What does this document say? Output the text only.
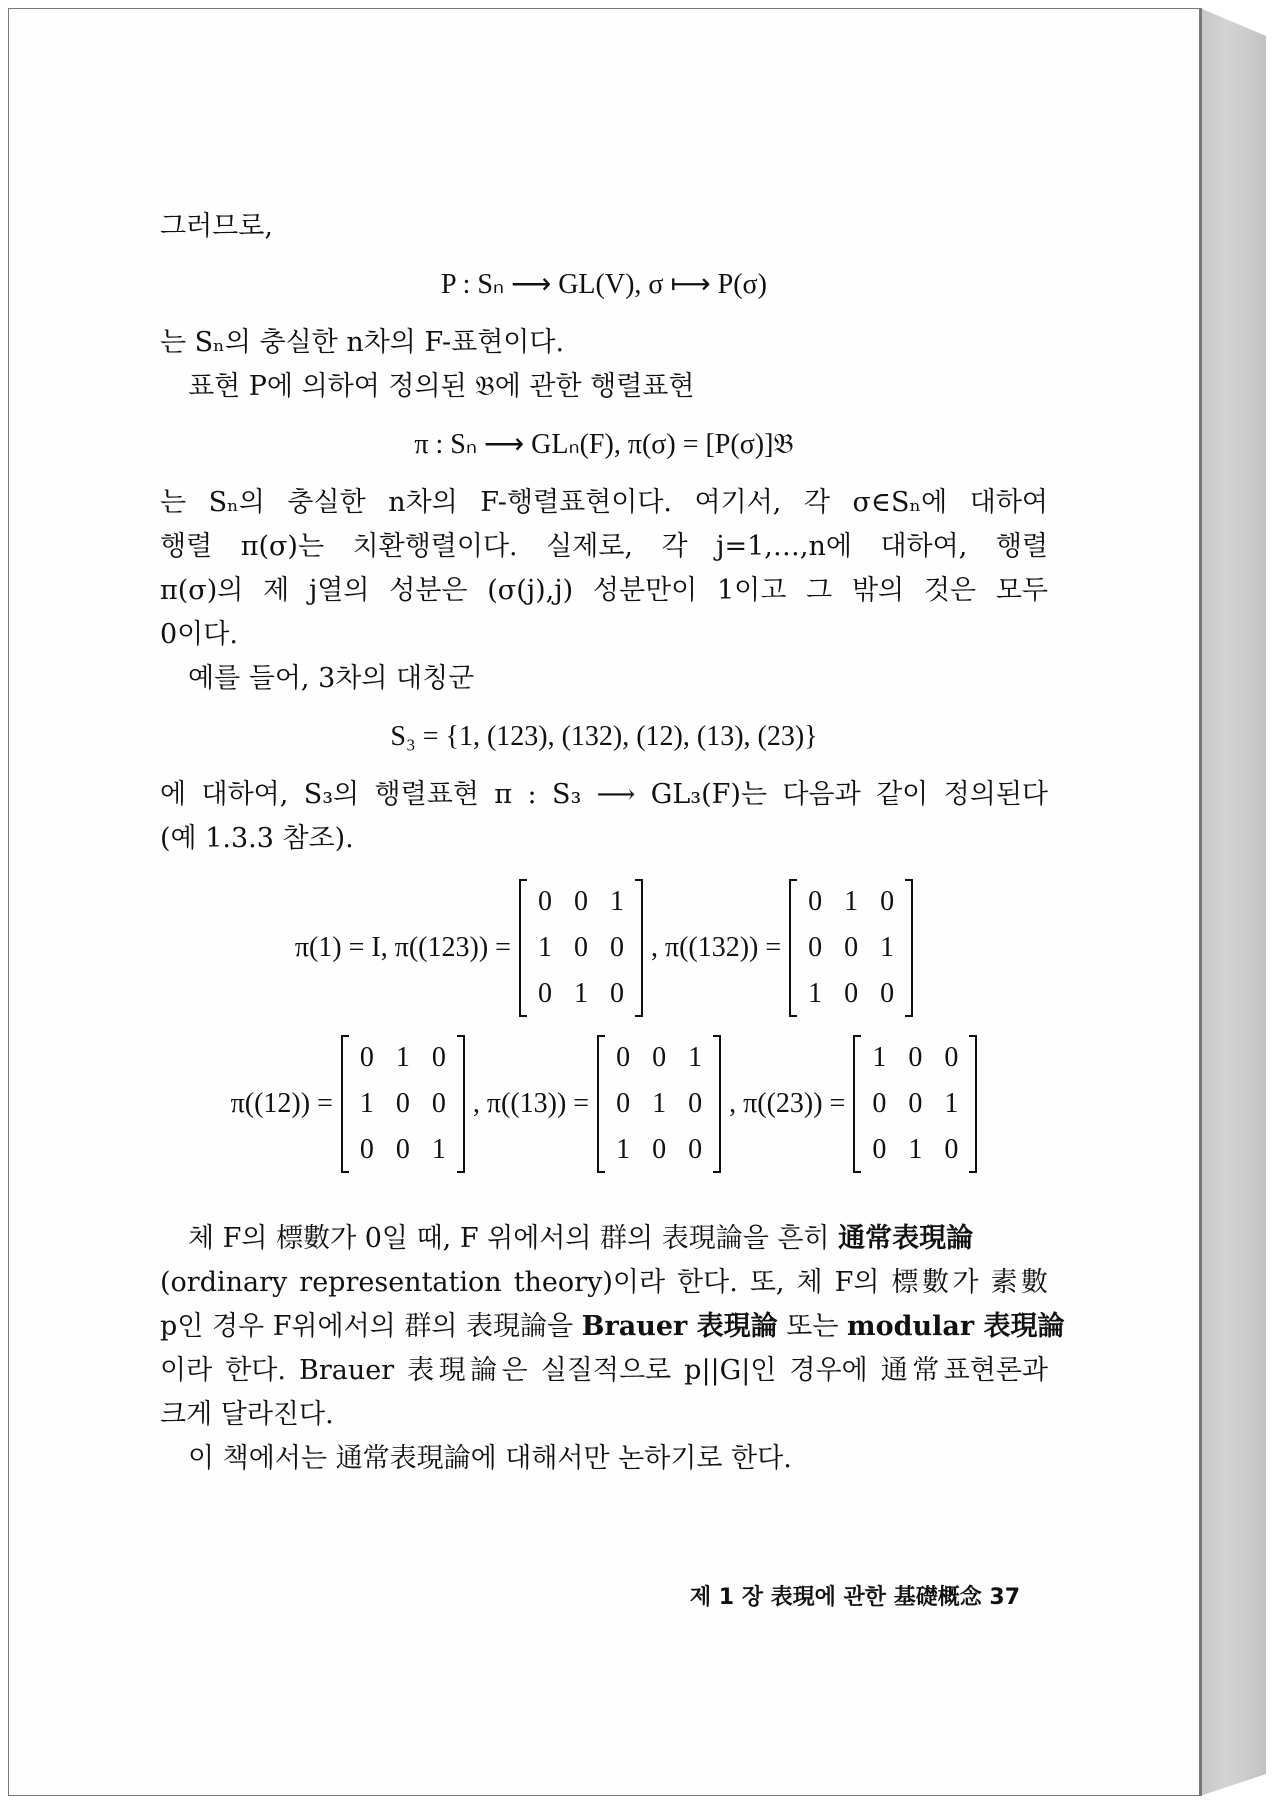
그러므로,

P : Sₙ ⟶ GL(V), σ ⟼ P(σ)

는 Sₙ의 충실한 n차의 F-표현이다.

표현 P에 의하여 정의된 𝔅에 관한 행렬표현

π : Sₙ ⟶ GLₙ(F), π(σ) = [P(σ)]𝔅

는 Sₙ의 충실한 n차의 F-행렬표현이다. 여기서, 각 σ∈Sₙ에 대하여

행렬 π(σ)는 치환행렬이다. 실제로, 각 j=1,…,n에 대하여, 행렬

π(σ)의 제 j열의 성분은 (σ(j),j) 성분만이 1이고 그 밖의 것은 모두

0이다.

예를 들어, 3차의 대칭군

S₃ = {1, (123), (132), (12), (13), (23)}

에 대하여, S₃의 행렬표현 π : S₃ ⟶ GL₃(F)는 다음과 같이 정의된다

(예 1.3.3 참조).

π(1) = I, π((123)) =
0 0 1
1 0 0
0 1 0
, π((132)) =
0 1 0
0 0 1
1 0 0
π((12)) =
0 1 0
1 0 0
0 0 1
, π((13)) =
0 0 1
0 1 0
1 0 0
, π((23)) =
1 0 0
0 0 1
0 1 0

체 F의 標數가 0일 때, F 위에서의 群의 表現論을 흔히 通常表現論

(ordinary representation theory)이라 한다. 또, 체 F의 標數가 素數

p인 경우 F위에서의 群의 表現論을 Brauer 表現論 또는 modular 表現論

이라 한다. Brauer 表現論은 실질적으로 p||G|인 경우에 通常표현론과

크게 달라진다.

이 책에서는 通常表現論에 대해서만 논하기로 한다.

제 1 장 表現에 관한 基礎概念 37
